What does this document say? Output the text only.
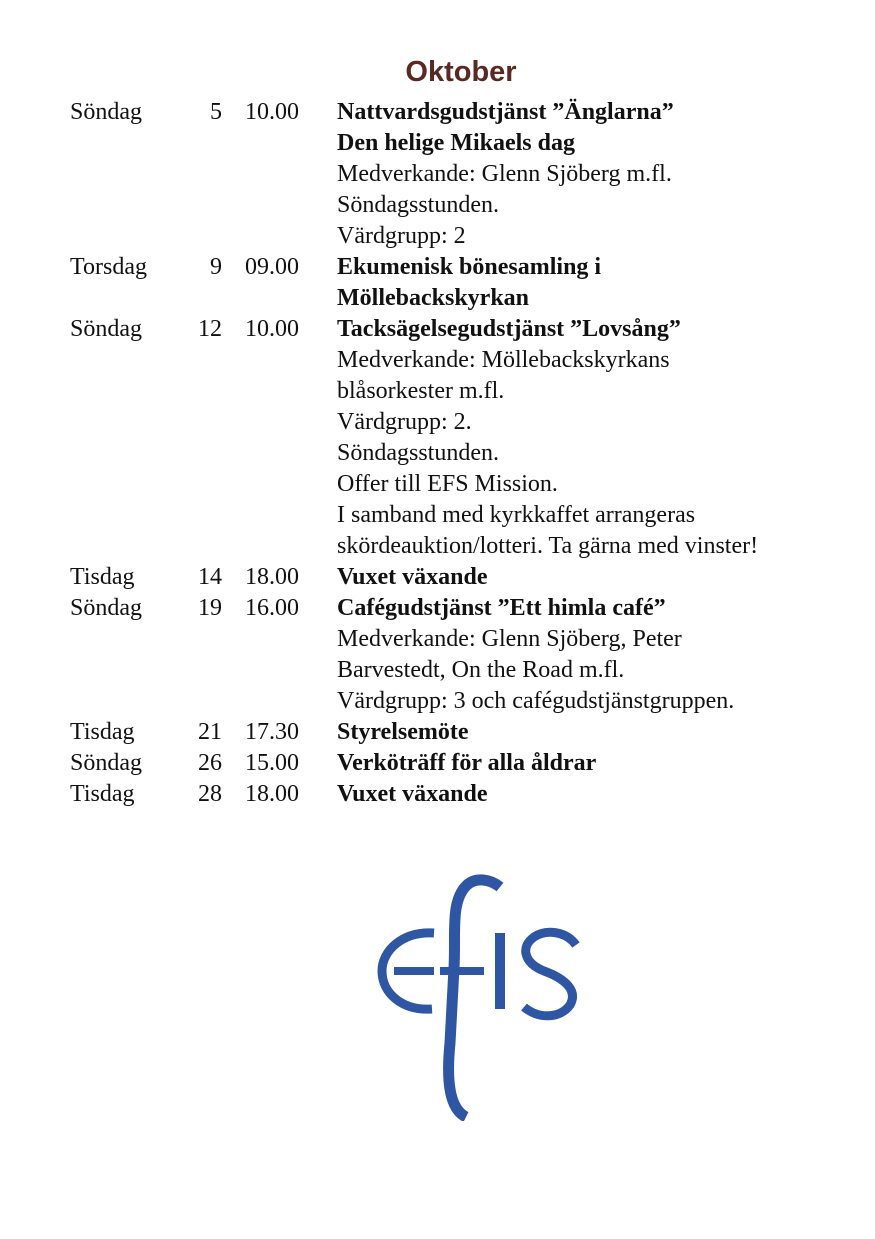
Oktober
Söndag	5 10.00 Nattvardsgudstjänst ”Änglarna”
Den helige Mikaels dag
Medverkande: Glenn Sjöberg m.fl.
Söndagsstunden.
Värdgrupp: 2
Torsdag	9 09.00 Ekumenisk bönesamling i
Möllebackskyrkan
Söndag	12 10.00 Tacksägelsegudstjänst ”Lovsång”
Medverkande: Möllebackskyrkans
blåsorkester m.fl.
Värdgrupp: 2.
Söndagsstunden.
Offer till EFS Mission.
I samband med kyrkkaffet arrangeras
skördeauktion/lotteri. Ta gärna med vinster!
Tisdag	14 18.00 Vuxet växande
Söndag	19 16.00 Cafégudstjänst ”Ett himla café”
Medverkande: Glenn Sjöberg, Peter
Barvestedt, On the Road m.fl.
Värdgrupp: 3 och cafégudstjänstgruppen.
Tisdag	21 17.30 Styrelsemöte
Söndag	26 15.00 Verköträff för alla åldrar
Tisdag	28 18.00 Vuxet växande
